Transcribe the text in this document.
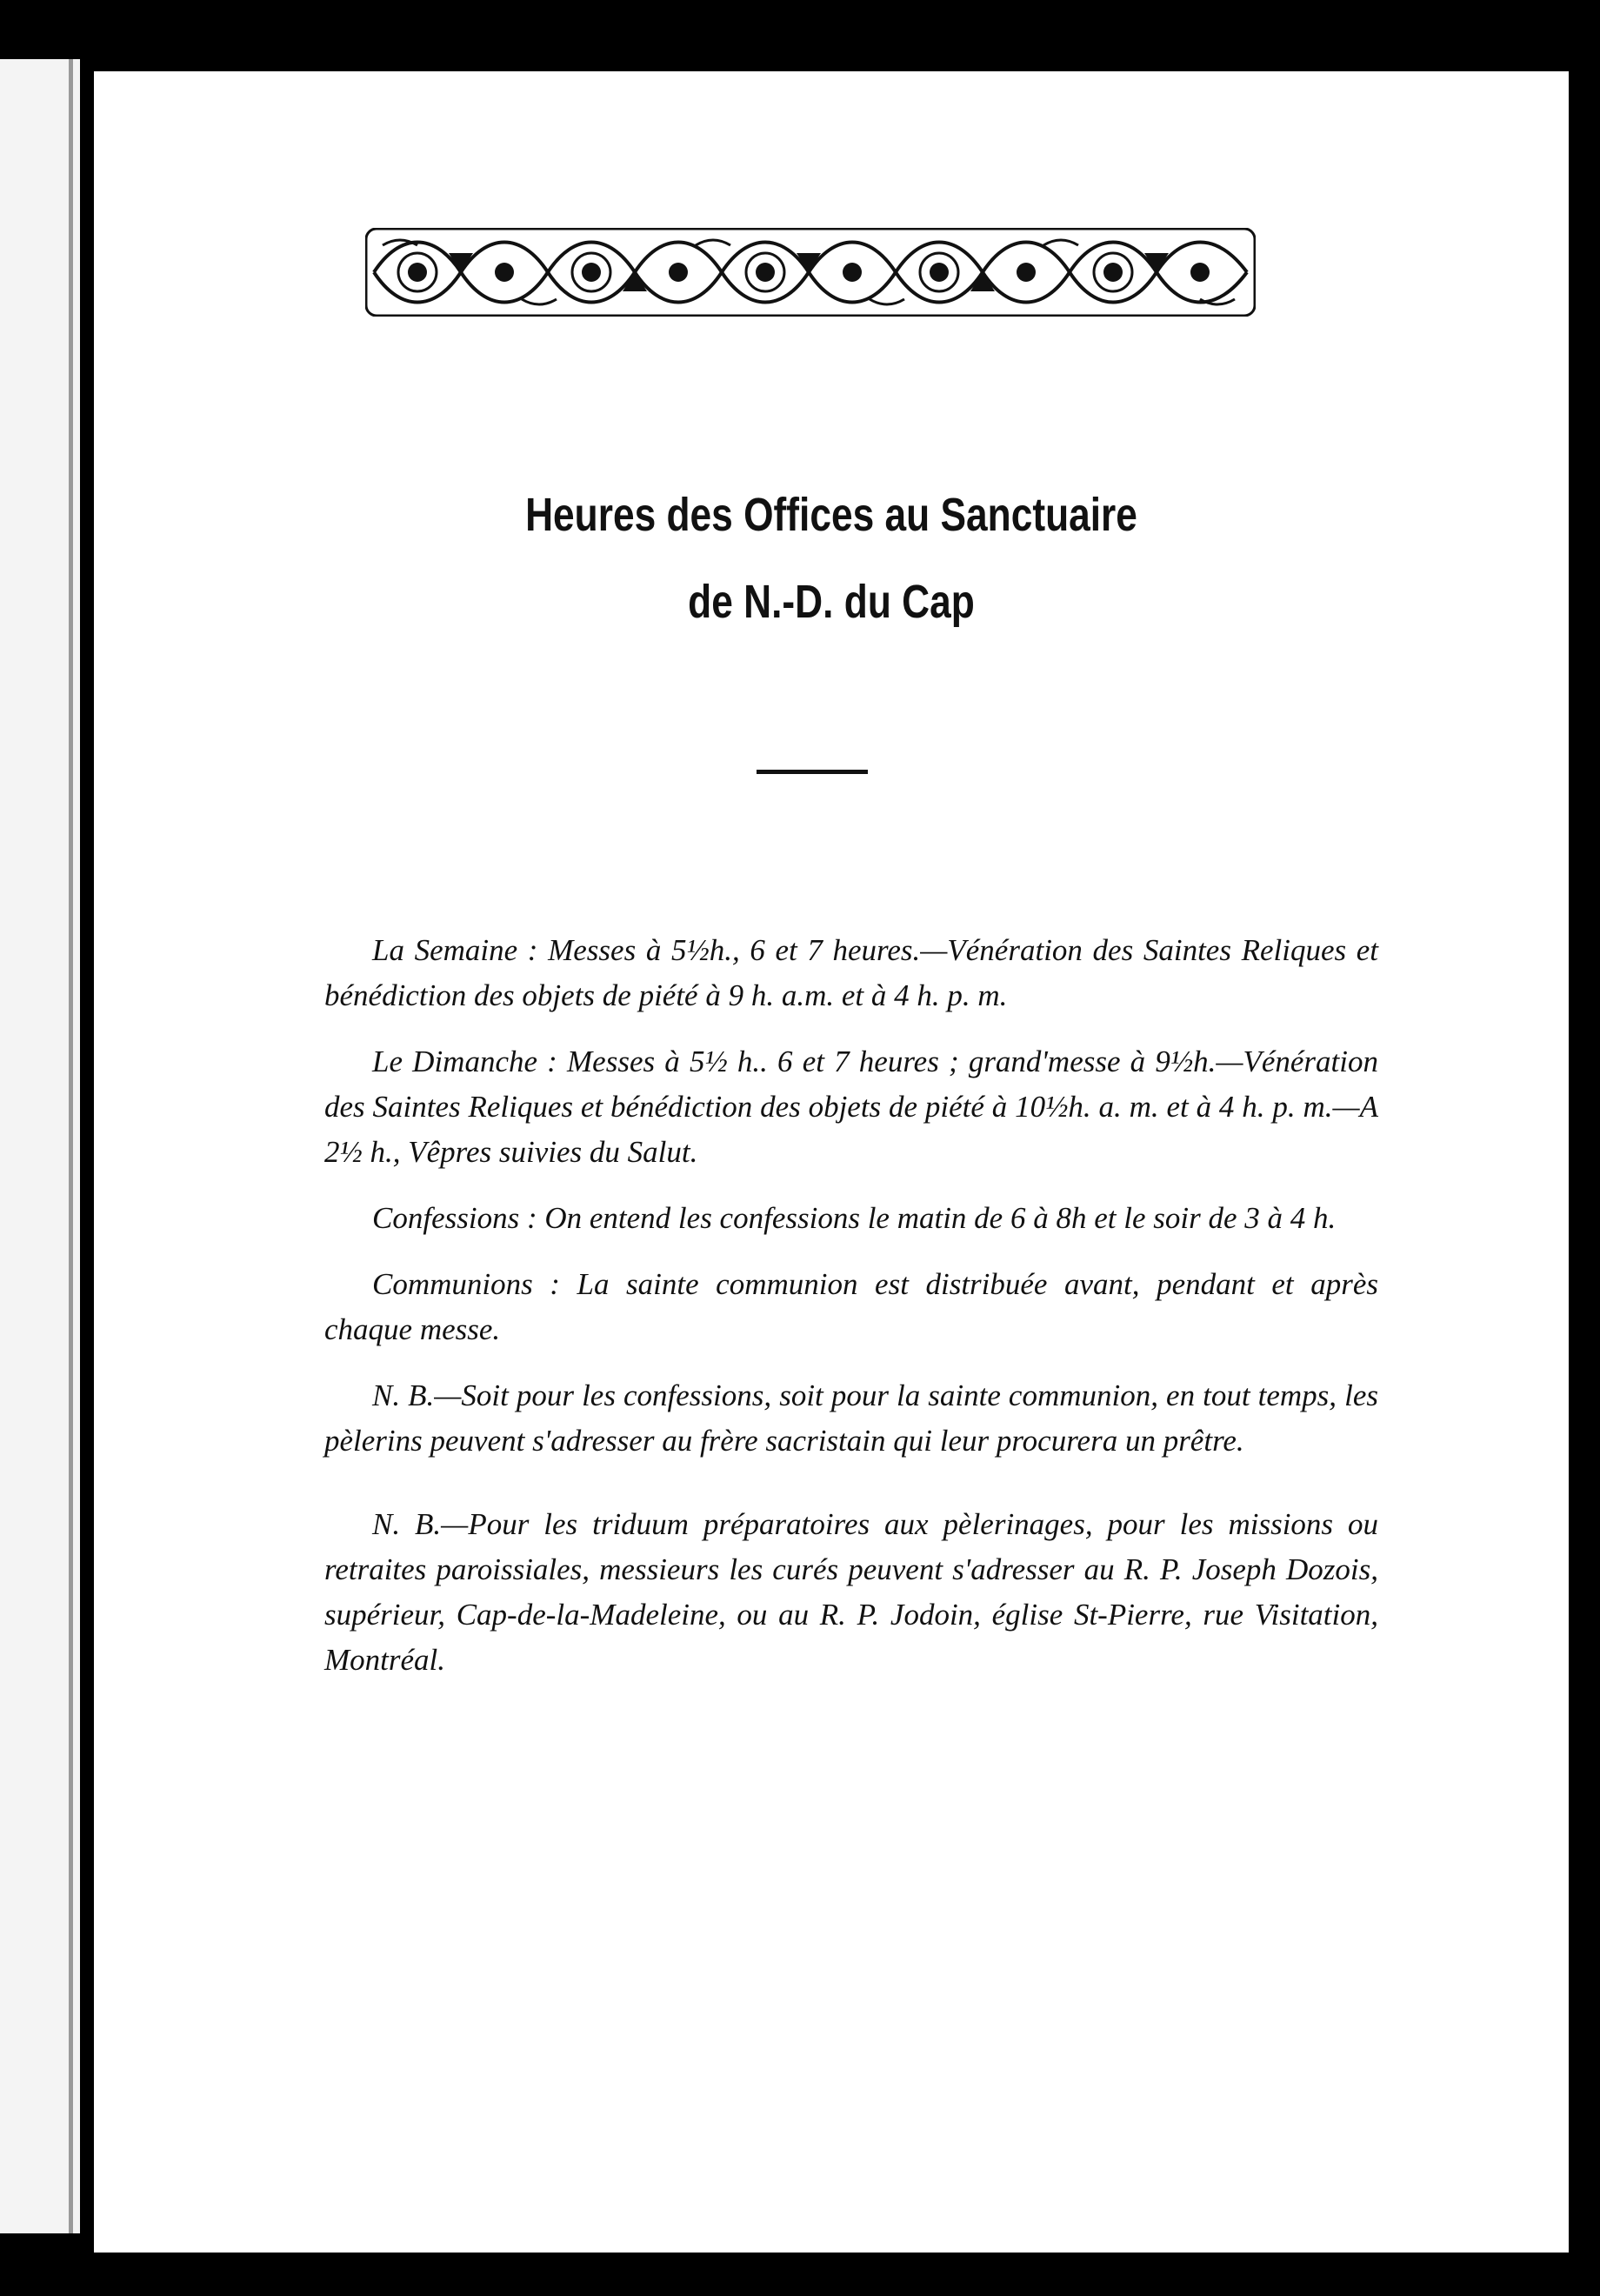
Heures des Offices au Sanctuaire
de N.-D. du Cap

La Semaine : Messes à 5½h., 6 et 7 heures.—Vénération des Saintes Reliques et bénédiction des objets de piété à 9 h. a.m. et à 4 h. p. m.

Le Dimanche : Messes à 5½ h.. 6 et 7 heures ; grand'messe à 9½h.—Vénération des Saintes Reliques et bénédiction des objets de piété à 10½h. a. m. et à 4 h. p. m.—A 2½ h., Vêpres suivies du Salut.

Confessions : On entend les confessions le matin de 6 à 8h et le soir de 3 à 4 h.

Communions : La sainte communion est distribuée avant, pendant et après chaque messe.

N. B.—Soit pour les confessions, soit pour la sainte communion, en tout temps, les pèlerins peuvent s'adresser au frère sacristain qui leur procurera un prêtre.

N. B.—Pour les triduum préparatoires aux pèlerinages, pour les missions ou retraites paroissiales, messieurs les curés peuvent s'adresser au R. P. Joseph Dozois, supérieur, Cap-de-la-Madeleine, ou au R. P. Jodoin, église St-Pierre, rue Visitation, Montréal.
